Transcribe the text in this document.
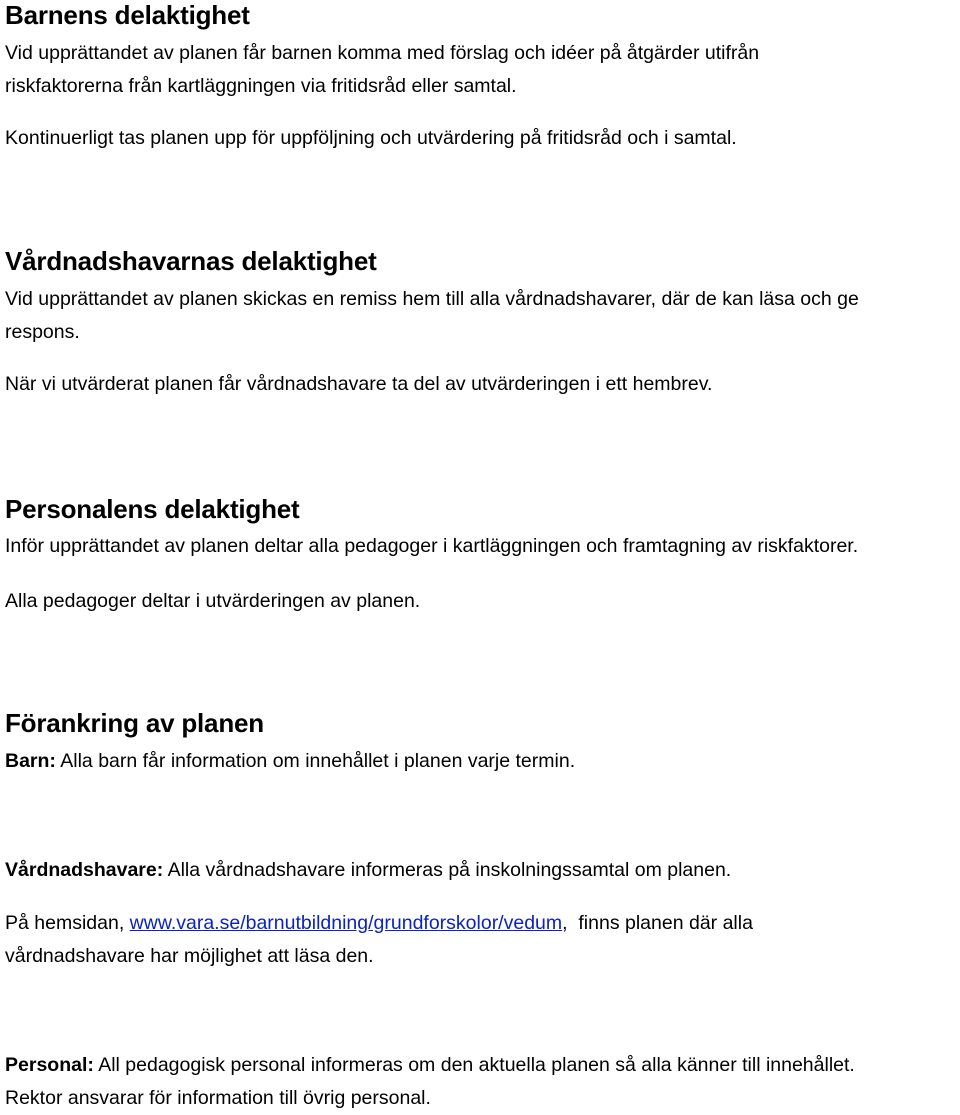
Barnens delaktighet

Vid upprättandet av planen får barnen komma med förslag och idéer på åtgärder utifrån
riskfaktorerna från kartläggningen via fritidsråd eller samtal.

Kontinuerligt tas planen upp för uppföljning och utvärdering på fritidsråd och i samtal.

Vårdnadshavarnas delaktighet

Vid upprättandet av planen skickas en remiss hem till alla vårdnadshavarer, där de kan läsa och ge
respons.

När vi utvärderat planen får vårdnadshavare ta del av utvärderingen i ett hembrev.

Personalens delaktighet

Inför upprättandet av planen deltar alla pedagoger i kartläggningen och framtagning av riskfaktorer.

Alla pedagoger deltar i utvärderingen av planen.

Förankring av planen

Barn: Alla barn får information om innehållet i planen varje termin.

Vårdnadshavare: Alla vårdnadshavare informeras på inskolningssamtal om planen.

På hemsidan, www.vara.se/barnutbildning/grundforskolor/vedum,  finns planen där alla
vårdnadshavare har möjlighet att läsa den.

Personal: All pedagogisk personal informeras om den aktuella planen så alla känner till innehållet.
Rektor ansvarar för information till övrig personal.
